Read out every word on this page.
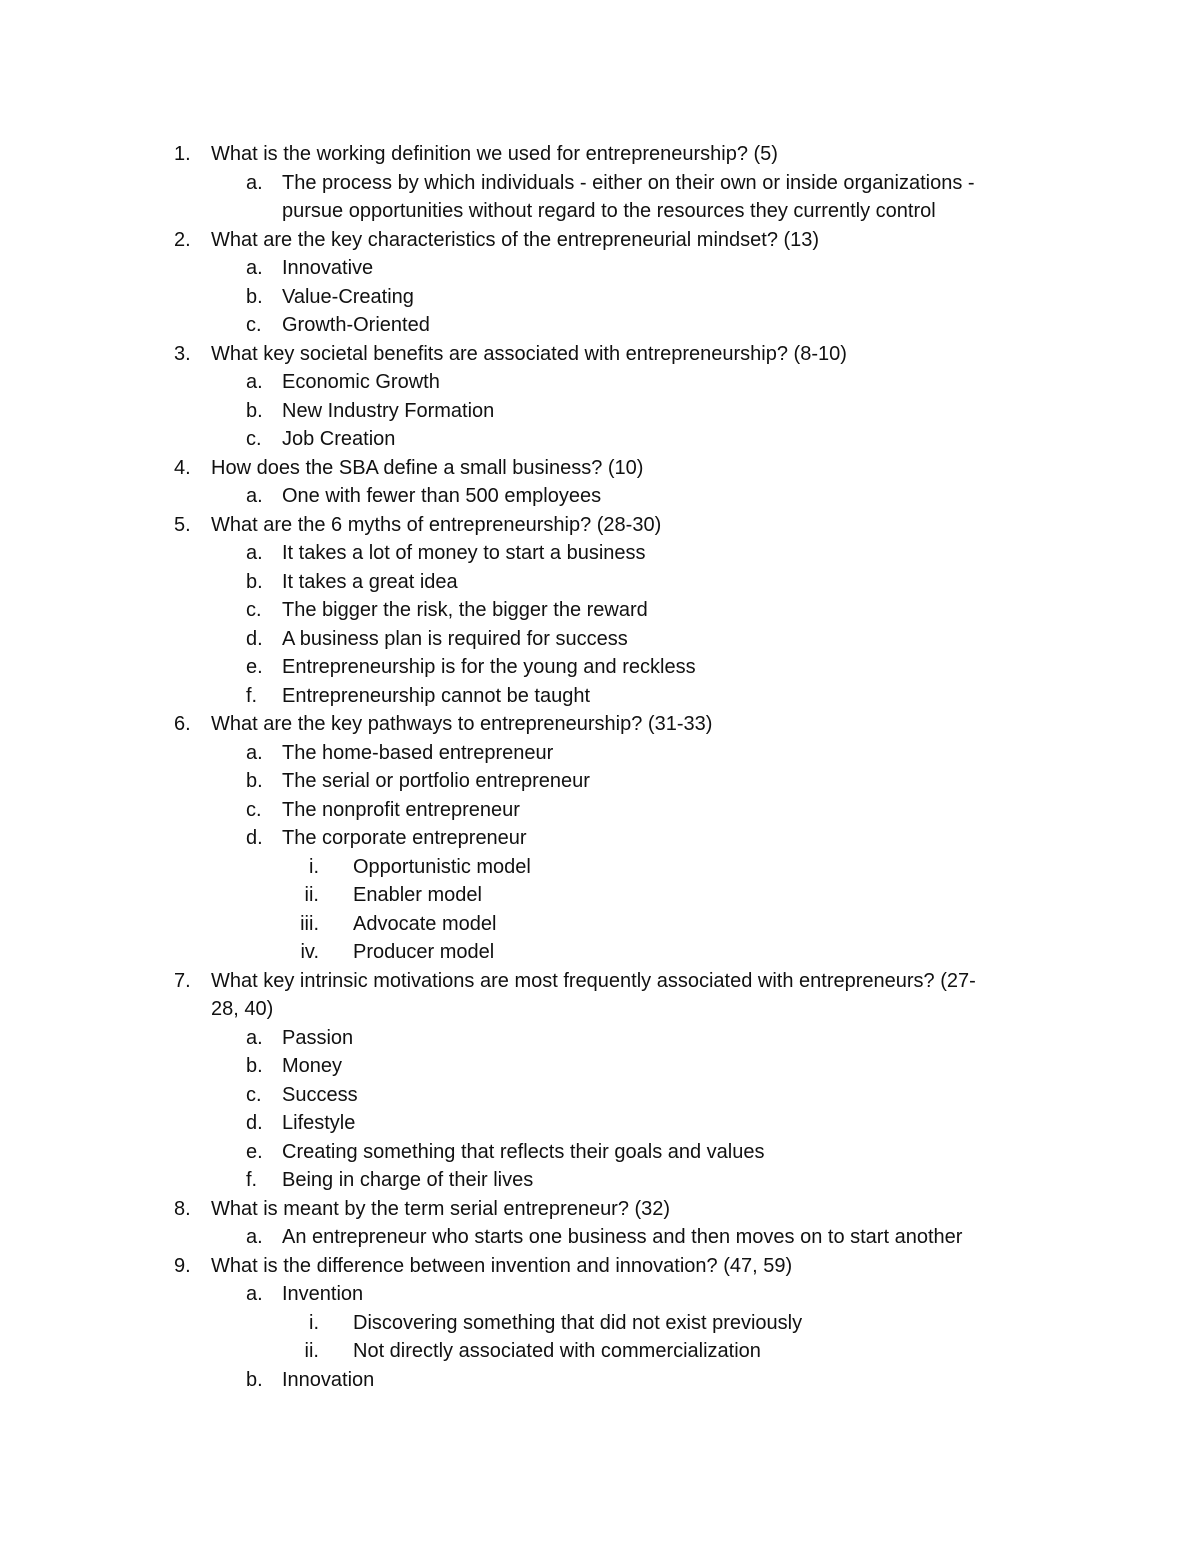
1. What is the working definition we used for entrepreneurship? (5)
a. The process by which individuals - either on their own or inside organizations -
pursue opportunities without regard to the resources they currently control
2. What are the key characteristics of the entrepreneurial mindset? (13)
a. Innovative
b. Value-Creating
c. Growth-Oriented
3. What key societal benefits are associated with entrepreneurship? (8-10)
a. Economic Growth
b. New Industry Formation
c. Job Creation
4. How does the SBA define a small business? (10)
a. One with fewer than 500 employees
5. What are the 6 myths of entrepreneurship? (28-30)
a. It takes a lot of money to start a business
b. It takes a great idea
c. The bigger the risk, the bigger the reward
d. A business plan is required for success
e. Entrepreneurship is for the young and reckless
f. Entrepreneurship cannot be taught
6. What are the key pathways to entrepreneurship? (31-33)
a. The home-based entrepreneur
b. The serial or portfolio entrepreneur
c. The nonprofit entrepreneur
d. The corporate entrepreneur
i. Opportunistic model
ii. Enabler model
iii. Advocate model
iv. Producer model
7. What key intrinsic motivations are most frequently associated with entrepreneurs? (27-
28, 40)
a. Passion
b. Money
c. Success
d. Lifestyle
e. Creating something that reflects their goals and values
f. Being in charge of their lives
8. What is meant by the term serial entrepreneur? (32)
a. An entrepreneur who starts one business and then moves on to start another
9. What is the difference between invention and innovation? (47, 59)
a. Invention
i. Discovering something that did not exist previously
ii. Not directly associated with commercialization
b. Innovation
